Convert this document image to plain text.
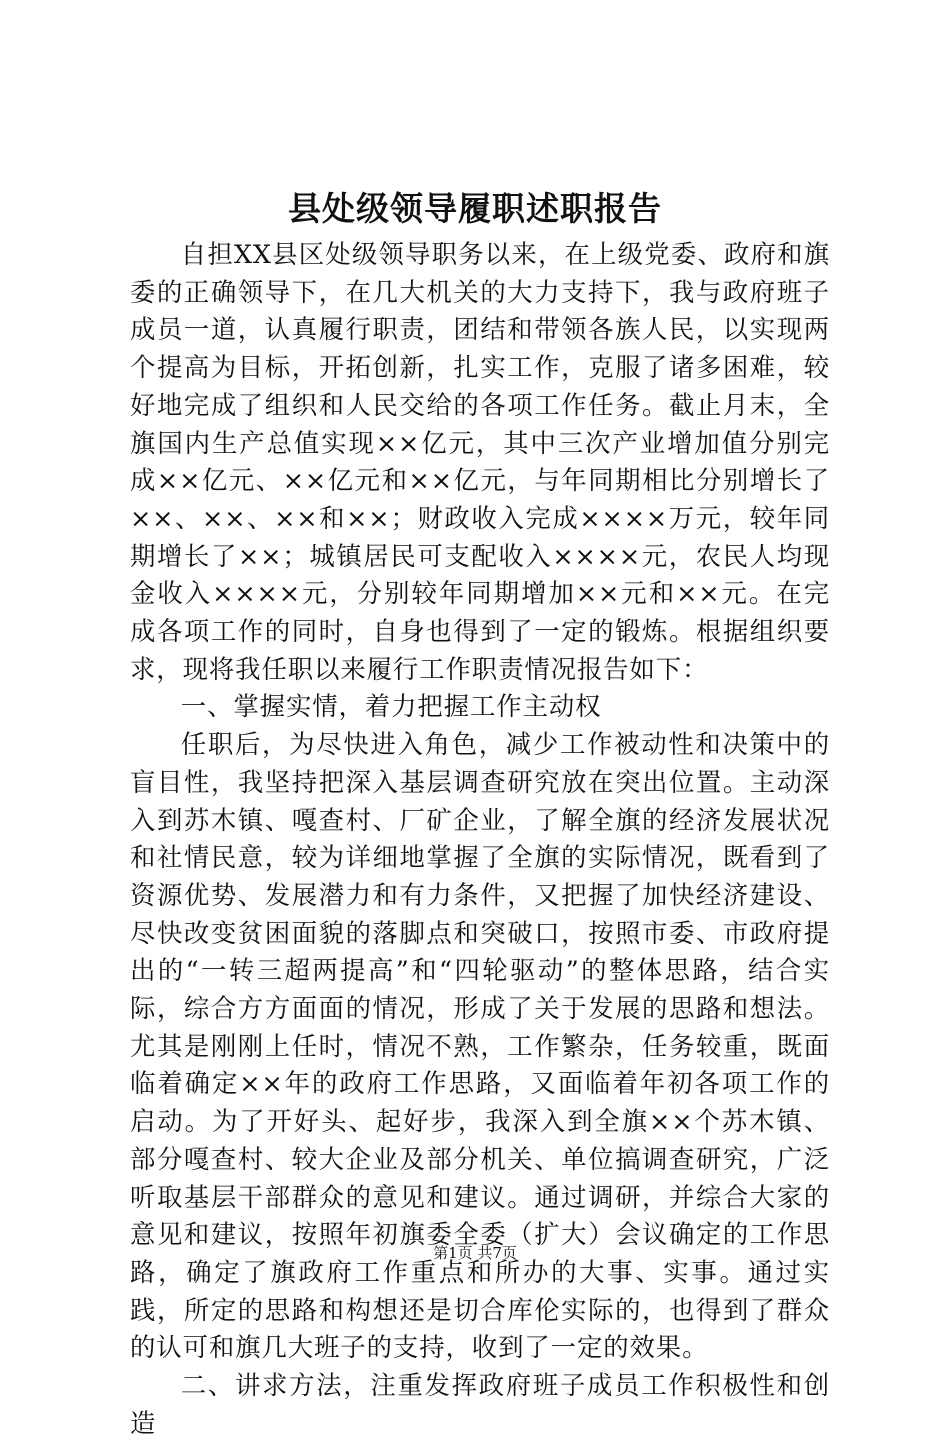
县处级领导履职述职报告

自担XX县区处级领导职务以来，在上级党委、政府和旗委的正确领导下，在几大机关的大力支持下，我与政府班子成员一道，认真履行职责，团结和带领各族人民，以实现两个提高为目标，开拓创新，扎实工作，克服了诸多困难，较好地完成了组织和人民交给的各项工作任务。截止月末，全旗国内生产总值实现××亿元，其中三次产业增加值分别完成××亿元、××亿元和××亿元，与年同期相比分别增长了××、××、××和××；财政收入完成××××万元，较年同期增长了××；城镇居民可支配收入××××元，农民人均现金收入××××元，分别较年同期增加××元和××元。在完成各项工作的同时，自身也得到了一定的锻炼。根据组织要求，现将我任职以来履行工作职责情况报告如下：

一、掌握实情，着力把握工作主动权

任职后，为尽快进入角色，减少工作被动性和决策中的盲目性，我坚持把深入基层调查研究放在突出位置。主动深入到苏木镇、嘎查村、厂矿企业，了解全旗的经济发展状况和社情民意，较为详细地掌握了全旗的实际情况，既看到了资源优势、发展潜力和有力条件，又把握了加快经济建设、尽快改变贫困面貌的落脚点和突破口，按照市委、市政府提出的“一转三超两提高”和“四轮驱动”的整体思路，结合实际，综合方方面面的情况，形成了关于发展的思路和想法。尤其是刚刚上任时，情况不熟，工作繁杂，任务较重，既面临着确定××年的政府工作思路，又面临着年初各项工作的启动。为了开好头、起好步，我深入到全旗××个苏木镇、部分嘎查村、较大企业及部分机关、单位搞调查研究，广泛听取基层干部群众的意见和建议。通过调研，并综合大家的意见和建议，按照年初旗委全委（扩大）会议确定的工作思路，确定了旗政府工作重点和所办的大事、实事。通过实践，所定的思路和构想还是切合库伦实际的，也得到了群众的认可和旗几大班子的支持，收到了一定的效果。

二、讲求方法，注重发挥政府班子成员工作积极性和创造

第1页 共7页
